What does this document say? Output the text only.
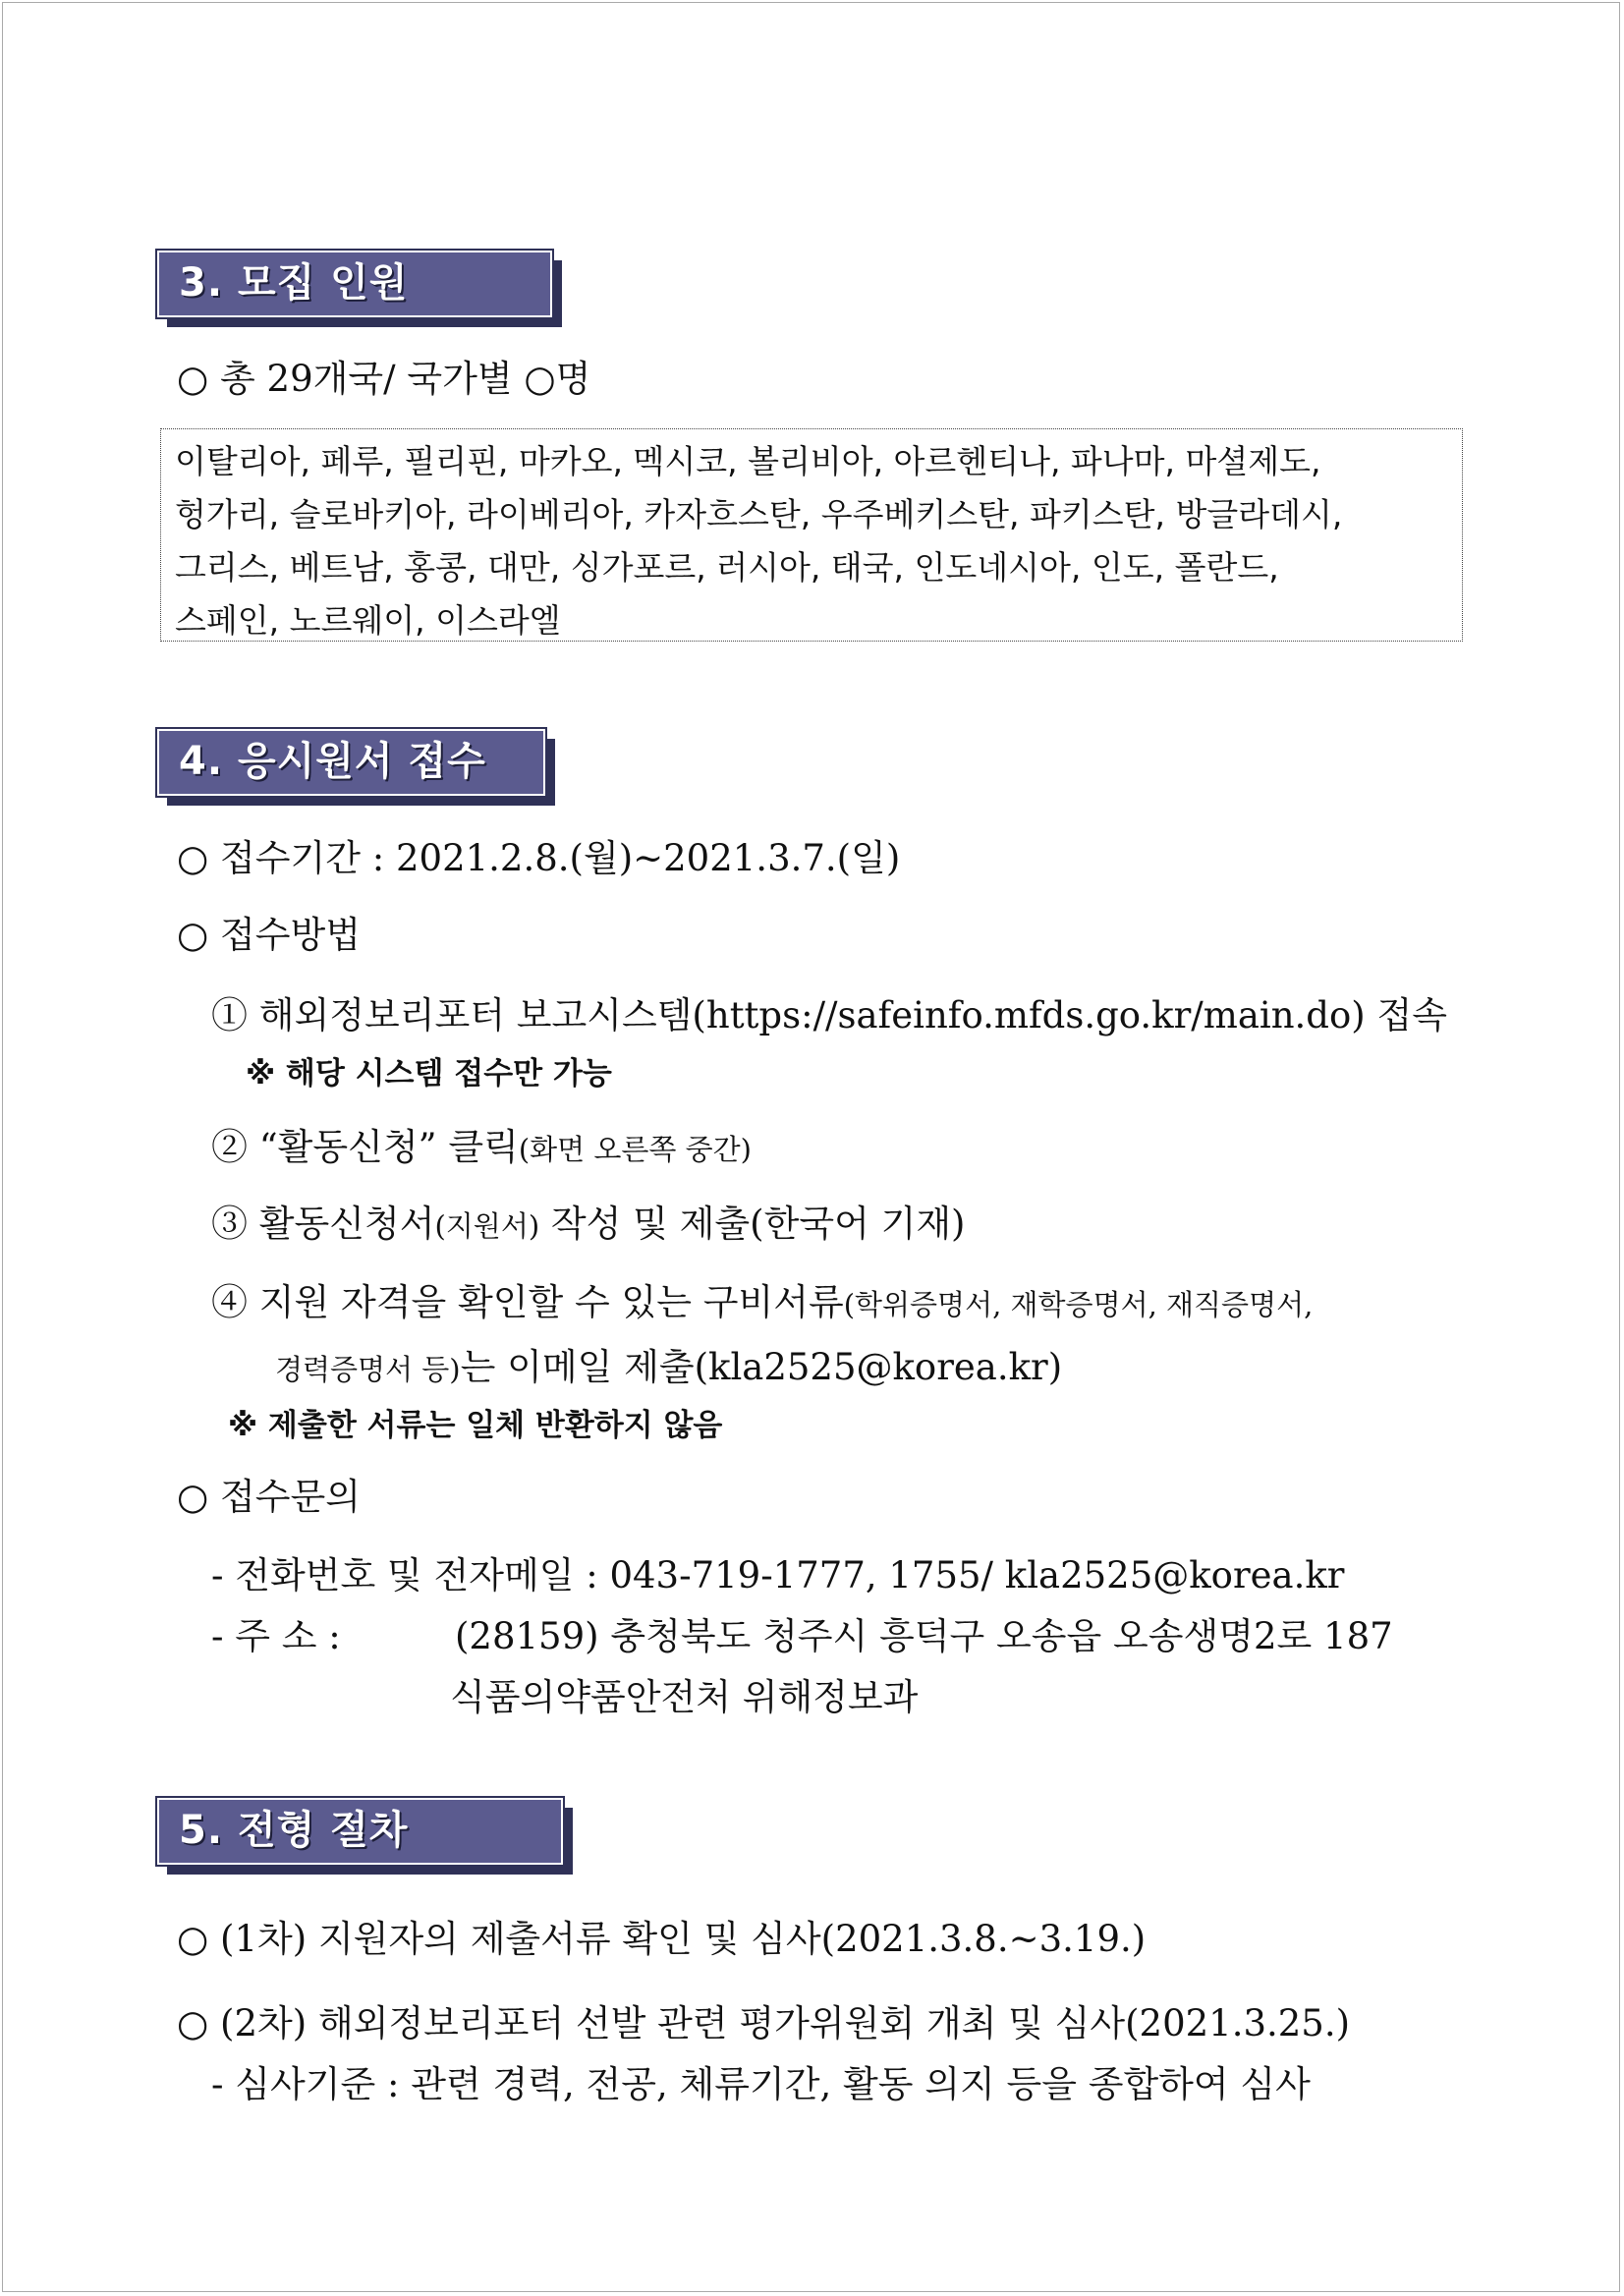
3. 모집 인원
○ 총 29개국/ 국가별 ○명
이탈리아, 페루, 필리핀, 마카오, 멕시코, 볼리비아, 아르헨티나, 파나마, 마셜제도,
헝가리, 슬로바키아, 라이베리아, 카자흐스탄, 우주베키스탄, 파키스탄, 방글라데시,
그리스, 베트남, 홍콩, 대만, 싱가포르, 러시아, 태국, 인도네시아, 인도, 폴란드,
스페인, 노르웨이, 이스라엘
4. 응시원서 접수
○ 접수기간 : 2021.2.8.(월)~2021.3.7.(일)
○ 접수방법
① 해외정보리포터 보고시스템(https://safeinfo.mfds.go.kr/main.do) 접속
※ 해당 시스템 접수만 가능
② “활동신청” 클릭(화면 오른쪽 중간)
③ 활동신청서(지원서) 작성 및 제출(한국어 기재)
④ 지원 자격을 확인할 수 있는 구비서류(학위증명서, 재학증명서, 재직증명서,
경력증명서 등)는 이메일 제출(kla2525@korea.kr)
※ 제출한 서류는 일체 반환하지 않음
○ 접수문의
- 전화번호 및 전자메일 : 043-719-1777, 1755/ kla2525@korea.kr
- 주 소 :	(28159) 충청북도 청주시 흥덕구 오송읍 오송생명2로 187
식품의약품안전처 위해정보과
5. 전형 절차
○ (1차) 지원자의 제출서류 확인 및 심사(2021.3.8.~3.19.)
○ (2차) 해외정보리포터 선발 관련 평가위원회 개최 및 심사(2021.3.25.)
- 심사기준 : 관련 경력, 전공, 체류기간, 활동 의지 등을 종합하여 심사
